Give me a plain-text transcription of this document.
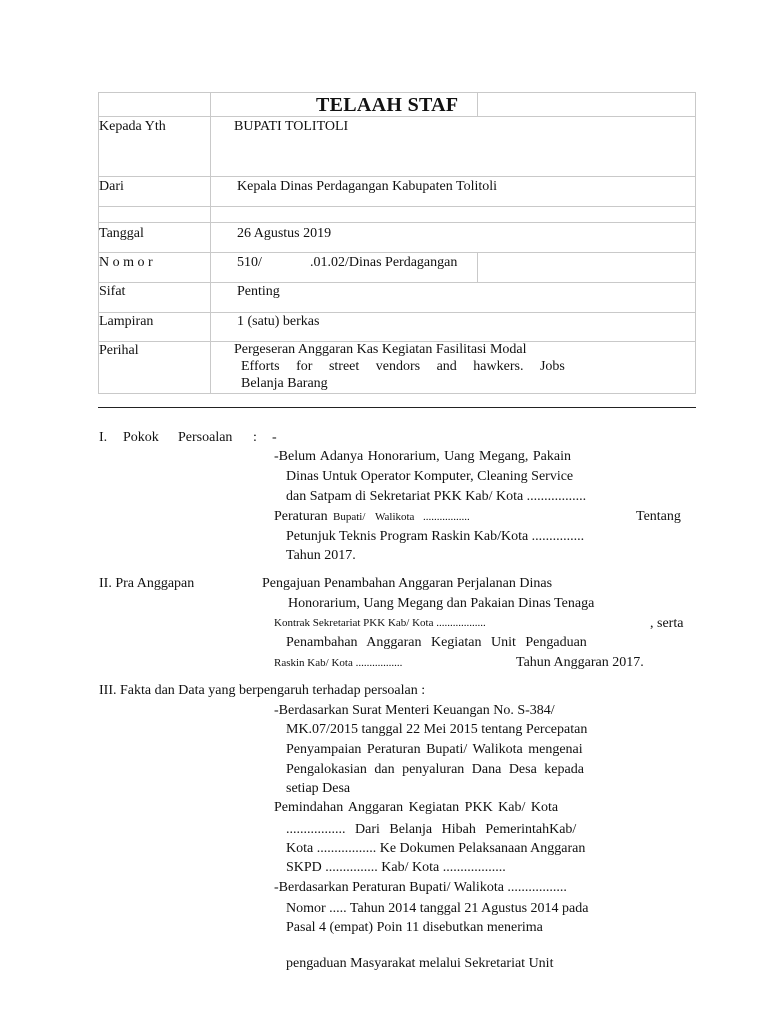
TELAAH STAF
Kepada Yth	BUPATI TOLITOLI
Dari	Kepala Dinas Perdagangan Kabupaten Tolitoli
Tanggal	26 Agustus 2019
N o m o r	510/	.01.02/Dinas Perdagangan
Sifat	Penting
Lampiran	1 (satu) berkas
Perihal	Pergeseran Anggaran Kas Kegiatan Fasilitasi Modal
Efforts for street vendors and hawkers. Jobs
Belanja Barang
I. Pokok Persoalan : -
-Belum Adanya Honorarium, Uang Megang, Pakain
Dinas Untuk Operator Komputer, Cleaning Service
dan Satpam di Sekretariat PKK Kab/ Kota .................
Peraturan Bupati/ Walikota .................	Tentang
Petunjuk Teknis Program Raskin Kab/Kota ...............
Tahun 2017.
II. Pra Anggapan	Pengajuan Penambahan Anggaran Perjalanan Dinas
Honorarium, Uang Megang dan Pakaian Dinas Tenaga
Kontrak Sekretariat PKK Kab/ Kota ..................	, serta
Penambahan Anggaran Kegiatan Unit Pengaduan
Raskin Kab/ Kota .................	Tahun Anggaran 2017.
III. Fakta dan Data yang berpengaruh terhadap persoalan :
-Berdasarkan Surat Menteri Keuangan No. S-384/
MK.07/2015 tanggal 22 Mei 2015 tentang Percepatan
Penyampaian Peraturan Bupati/ Walikota mengenai
Pengalokasian dan penyaluran Dana Desa kepada
setiap Desa
Pemindahan Anggaran Kegiatan PKK Kab/ Kota
................. Dari Belanja Hibah PemerintahKab/
Kota ................. Ke Dokumen Pelaksanaan Anggaran
SKPD ............... Kab/ Kota ..................
-Berdasarkan Peraturan Bupati/ Walikota .................
Nomor ..... Tahun 2014 tanggal 21 Agustus 2014 pada
Pasal 4 (empat) Poin 11 disebutkan menerima
pengaduan Masyarakat melalui Sekretariat Unit
